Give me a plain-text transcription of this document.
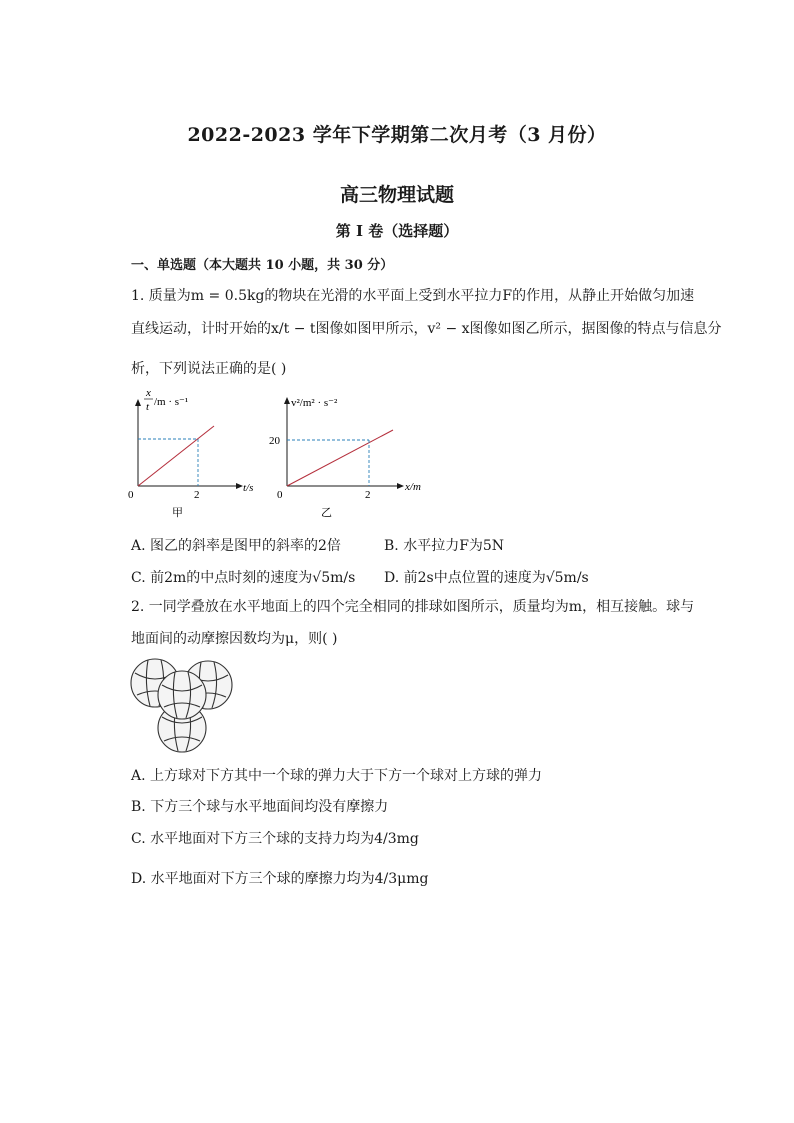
2022-2023 学年下学期第二次月考（3 月份）
高三物理试题
第 I 卷（选择题）
一、单选题（本大题共 10 小题，共 30 分）
1. 质量为m = 0.5kg的物块在光滑的水平面上受到水平拉力F的作用，从静止开始做匀加速
直线运动，计时开始的x/t − t图像如图甲所示，v² − x图像如图乙所示，据图像的特点与信息分
析，下列说法正确的是( )
x
t /m · s⁻¹
0	2
t/s
甲
v²/m² · s⁻²
20
0	2
x/m
乙
A. 图乙的斜率是图甲的斜率的2倍	B. 水平拉力F为5N
C. 前2m的中点时刻的速度为√5m/s D. 前2s中点位置的速度为√5m/s
2. 一同学叠放在水平地面上的四个完全相同的排球如图所示，质量均为m，相互接触。球与
地面间的动摩擦因数均为μ，则( )
A. 上方球对下方其中一个球的弹力大于下方一个球对上方球的弹力
B. 下方三个球与水平地面间均没有摩擦力
C. 水平地面对下方三个球的支持力均为4/3mg
D. 水平地面对下方三个球的摩擦力均为4/3μmg
